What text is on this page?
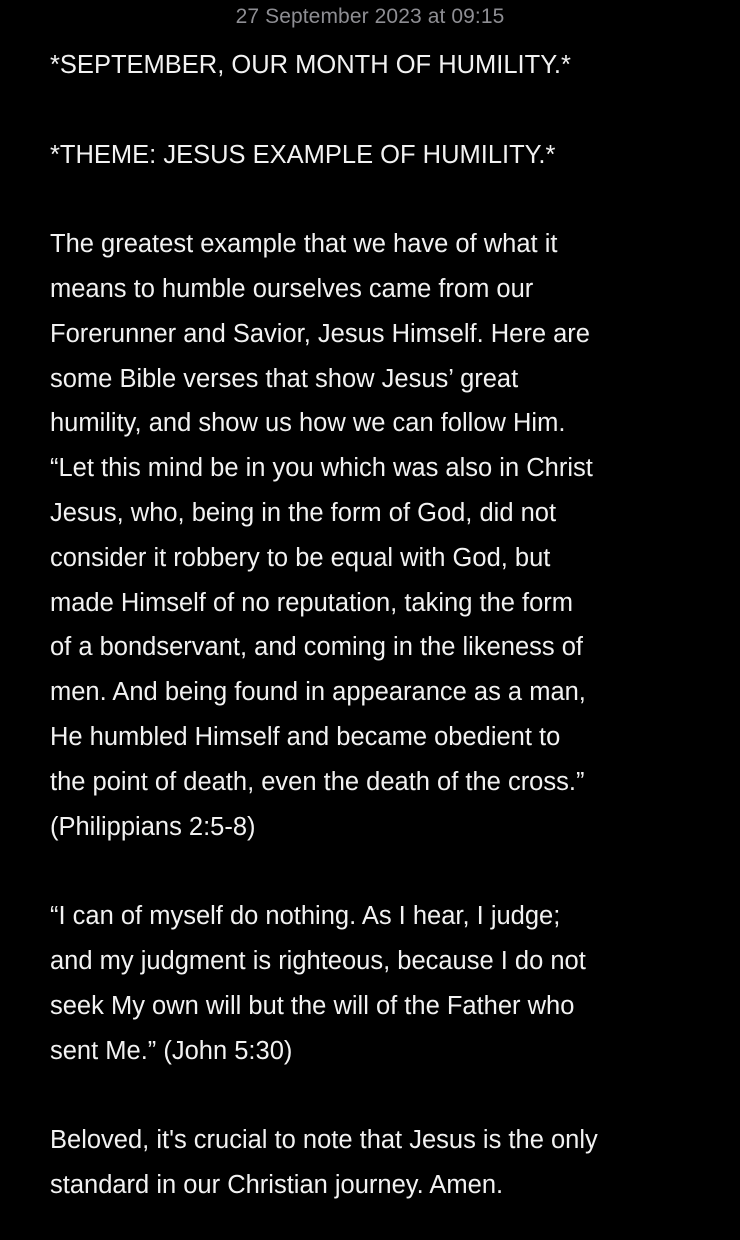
27 September 2023 at 09:15

*SEPTEMBER, OUR MONTH OF HUMILITY.*

*THEME: JESUS EXAMPLE OF HUMILITY.*

The greatest example that we have of what it
means to humble ourselves came from our
Forerunner and Savior, Jesus Himself. Here are
some Bible verses that show Jesus’ great
humility, and show us how we can follow Him.
“Let this mind be in you which was also in Christ
Jesus, who, being in the form of God, did not
consider it robbery to be equal with God, but
made Himself of no reputation, taking the form
of a bondservant, and coming in the likeness of
men. And being found in appearance as a man,
He humbled Himself and became obedient to
the point of death, even the death of the cross.”
(Philippians 2:5-8)

“I can of myself do nothing. As I hear, I judge;
and my judgment is righteous, because I do not
seek My own will but the will of the Father who
sent Me.” (John 5:30)

Beloved, it's crucial to note that Jesus is the only
standard in our Christian journey. Amen.
